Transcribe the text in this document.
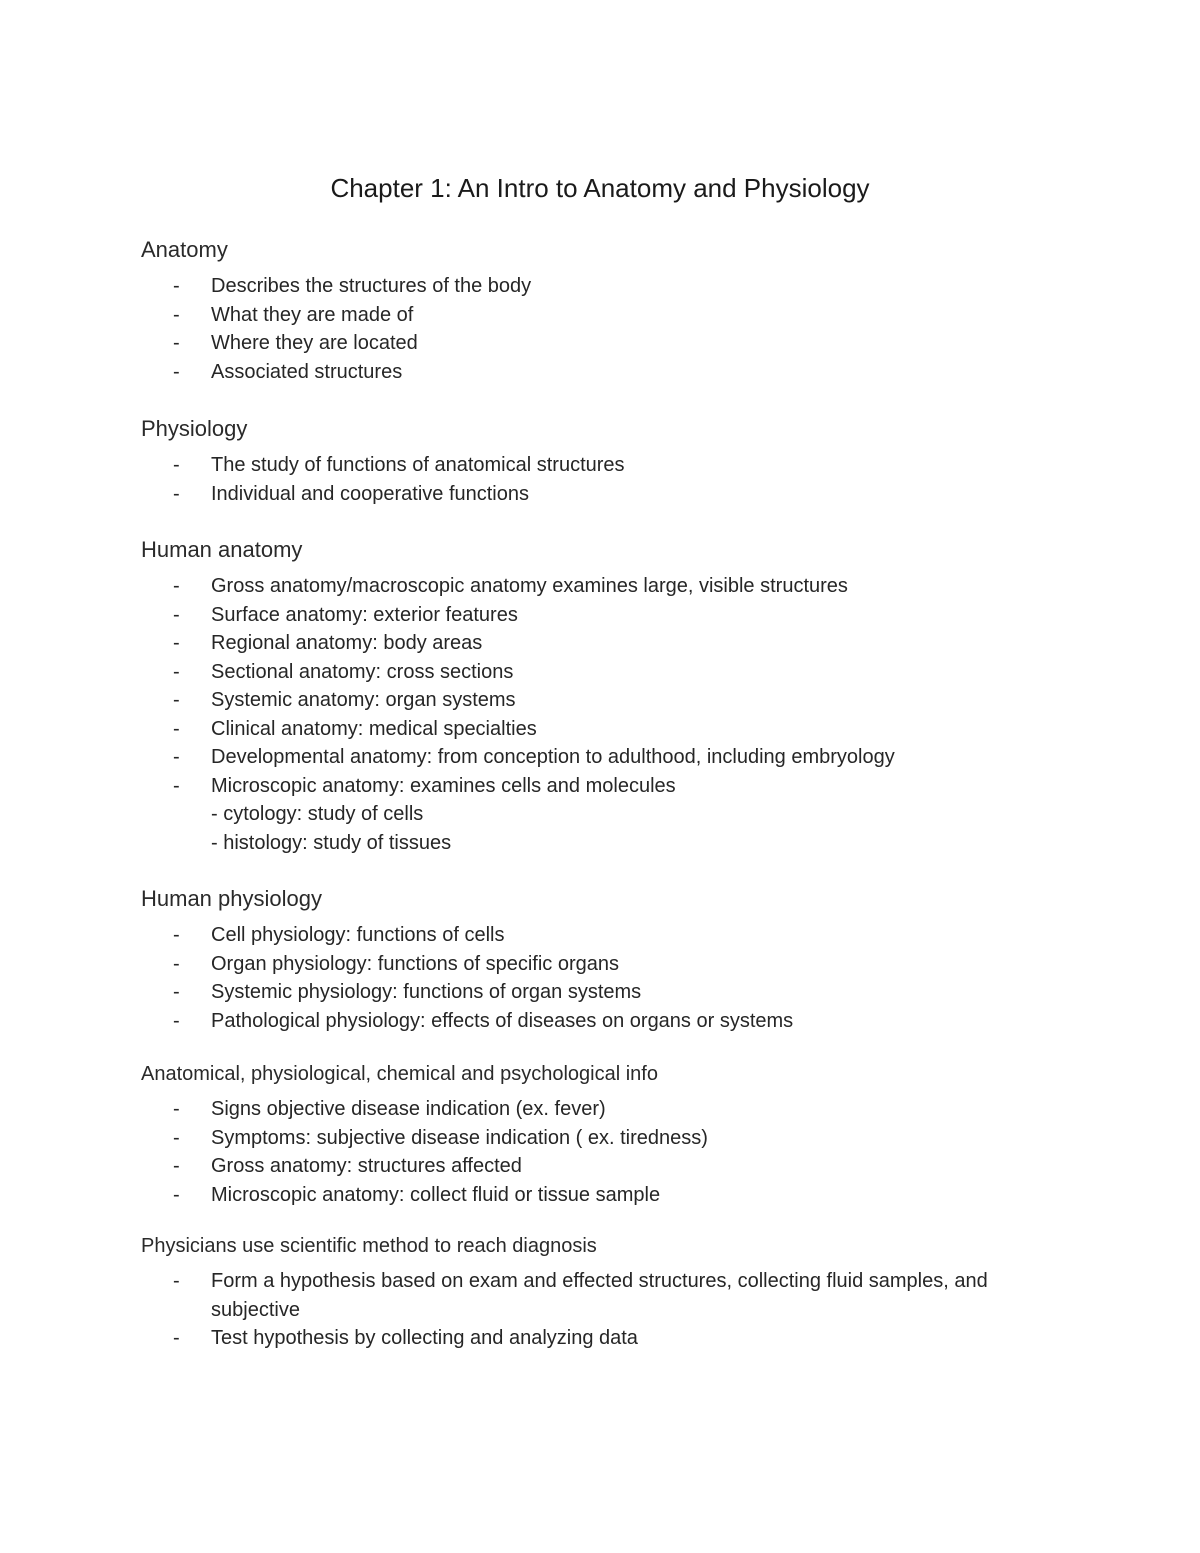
Chapter 1: An Intro to Anatomy and Physiology
Anatomy
- Describes the structures of the body
- What they are made of
- Where they are located
- Associated structures
Physiology
- The study of functions of anatomical structures
- Individual and cooperative functions
Human anatomy
- Gross anatomy/macroscopic anatomy examines large, visible structures
- Surface anatomy: exterior features
- Regional anatomy: body areas
- Sectional anatomy: cross sections
- Systemic anatomy: organ systems
- Clinical anatomy: medical specialties
- Developmental anatomy: from conception to adulthood, including embryology
- Microscopic anatomy: examines cells and molecules
- cytology: study of cells
- histology: study of tissues
Human physiology
- Cell physiology: functions of cells
- Organ physiology: functions of specific organs
- Systemic physiology: functions of organ systems
- Pathological physiology: effects of diseases on organs or systems
Anatomical, physiological, chemical and psychological info
- Signs objective disease indication (ex. fever)
- Symptoms: subjective disease indication ( ex. tiredness)
- Gross anatomy: structures affected
- Microscopic anatomy: collect fluid or tissue sample
Physicians use scientific method to reach diagnosis
- Form a hypothesis based on exam and effected structures, collecting fluid samples, and subjective
- Test hypothesis by collecting and analyzing data
